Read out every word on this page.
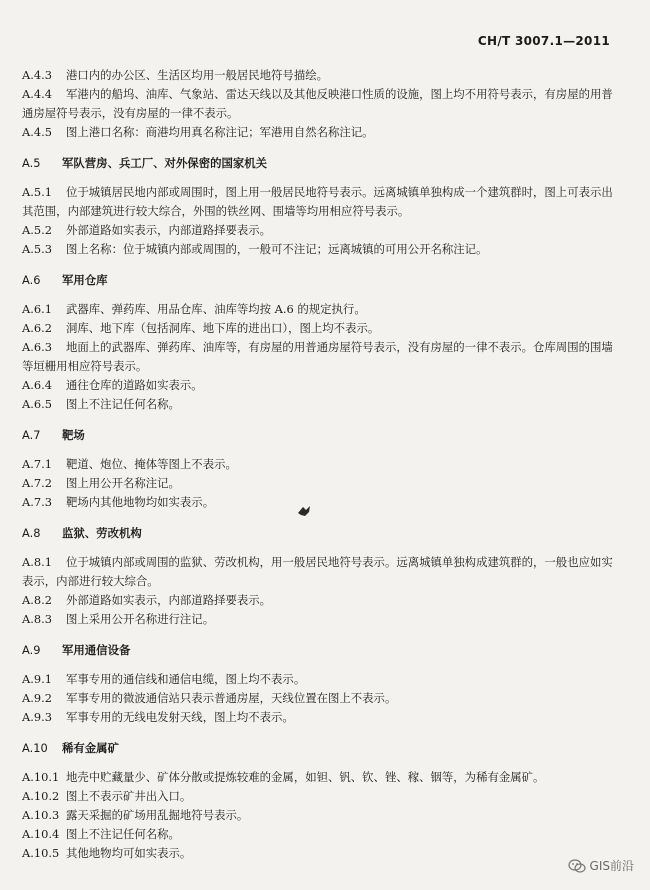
CH/T 3007.1—2011
A.4.3 港口内的办公区、生活区均用一般居民地符号描绘。
A.4.4 军港内的船坞、油库、气象站、雷达天线以及其他反映港口性质的设施，图上均不用符号表示，有房屋的用普通房屋符号表示，没有房屋的一律不表示。
A.4.5 图上港口名称：商港均用真名称注记；军港用自然名称注记。
A.5 军队营房、兵工厂、对外保密的国家机关
A.5.1 位于城镇居民地内部或周围时，图上用一般居民地符号表示。远离城镇单独构成一个建筑群时，图上可表示出其范围，内部建筑进行较大综合，外围的铁丝网、围墙等均用相应符号表示。
A.5.2 外部道路如实表示，内部道路择要表示。
A.5.3 图上名称：位于城镇内部或周围的，一般可不注记；远离城镇的可用公开名称注记。
A.6 军用仓库
A.6.1 武器库、弹药库、用品仓库、油库等均按 A.6 的规定执行。
A.6.2 洞库、地下库（包括洞库、地下库的进出口），图上均不表示。
A.6.3 地面上的武器库、弹药库、油库等，有房屋的用普通房屋符号表示，没有房屋的一律不表示。仓库周围的围墙等垣栅用相应符号表示。
A.6.4 通往仓库的道路如实表示。
A.6.5 图上不注记任何名称。
A.7 靶场
A.7.1 靶道、炮位、掩体等图上不表示。
A.7.2 图上用公开名称注记。
A.7.3 靶场内其他地物均如实表示。
A.8 监狱、劳改机构
A.8.1 位于城镇内部或周围的监狱、劳改机构，用一般居民地符号表示。远离城镇单独构成建筑群的，一般也应如实表示，内部进行较大综合。
A.8.2 外部道路如实表示，内部道路择要表示。
A.8.3 图上采用公开名称进行注记。
A.9 军用通信设备
A.9.1 军事专用的通信线和通信电缆，图上均不表示。
A.9.2 军事专用的微波通信站只表示普通房屋，天线位置在图上不表示。
A.9.3 军事专用的无线电发射天线，图上均不表示。
A.10 稀有金属矿
A.10.1 地壳中贮藏量少、矿体分散或提炼较难的金属，如钽、钒、钦、锉、稼、铟等，为稀有金属矿。
A.10.2 图上不表示矿井出入口。
A.10.3 露天采掘的矿场用乱掘地符号表示。
A.10.4 图上不注记任何名称。
A.10.5 其他地物均可如实表示。
GIS前沿
